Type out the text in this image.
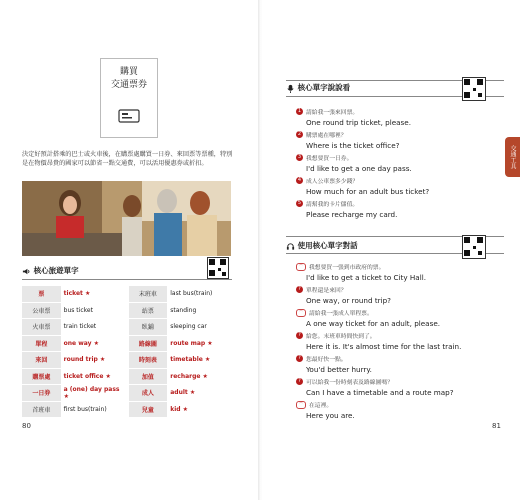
購買
交通票券
決定好預計搭乘的巴士或火車後，在購票處購買一日券、來回票等票種，特別是在物價昂貴的國家可以節省一點交通費，可以活用優惠券或折扣。
核心旅遊單字
票	ticket ★		末班車	last bus(train)
公車票	bus ticket		站票	standing
火車票	train ticket		臥鋪	sleeping car
單程	one way ★		路線圖	route map ★
來回	round trip ★		時刻表	timetable ★
購票處	ticket office ★		加值	recharge ★
一日券	a (one) day pass ★		成人	adult ★
首班車	first bus(train)		兒童	kid ★
80
核心單字說說看
使用核心單字對話
81
交通工具
1 請給我一張來回票。
One round trip ticket, please.
2 購票處在哪裡？
Where is the ticket office?
3 我想要買一日券。
I'd like to get a one day pass.
4 成人公車票多少錢？
How much for an adult bus ticket?
5 請幫我的卡片儲值。
Please recharge my card.
⌒	我想要買一張到市政府的票。
I'd like to get a ticket to City Hall.
? 單程還是來回？
One way, or round trip?
⌒	請給我一張成人單程票。
A one way ticket for an adult, please.
? 給您。末班車時間快到了。
Here it is. It's almost time for the last train.
? 您最好快一點。
You'd better hurry.
? 可以給我一份時刻表及路線圖嗎？
Can I have a timetable and a route map?
⌒	在這裡。
Here you are.
